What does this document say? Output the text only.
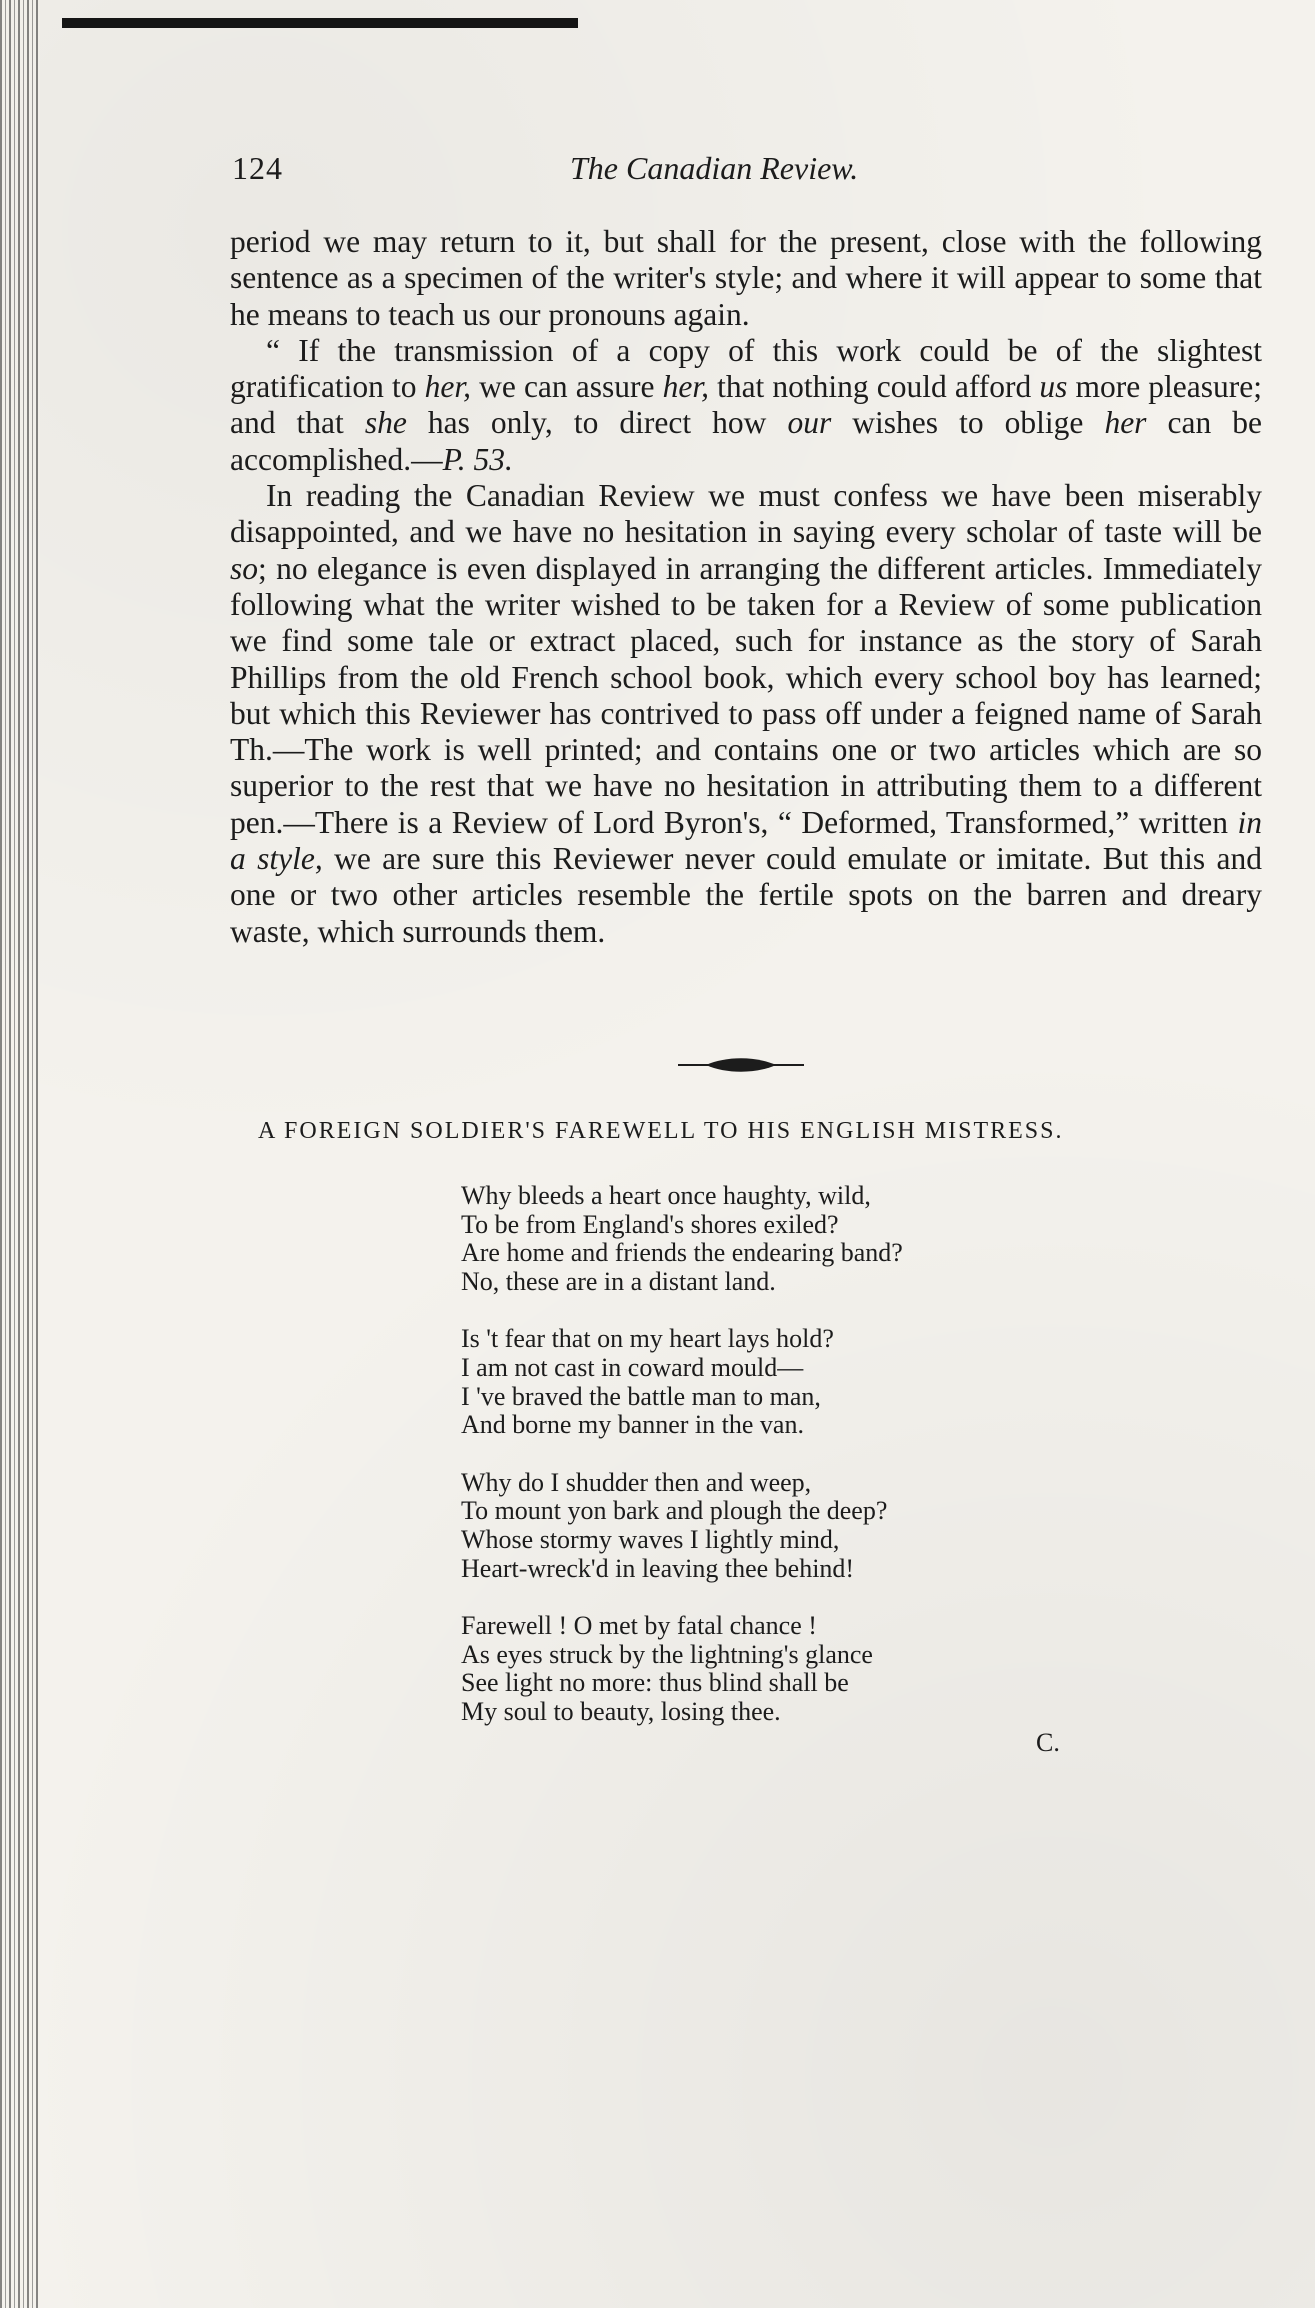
124	The Canadian Review.

period we may return to it, but shall for the present, close with the following sentence as a specimen of the writer's style; and where it will appear to some that he means to teach us our pronouns again.

“ If the transmission of a copy of this work could be of the slightest gratification to her, we can assure her, that nothing could afford us more pleasure; and that she has only, to direct how our wishes to oblige her can be accomplished.—P. 53.

In reading the Canadian Review we must confess we have been miserably disappointed, and we have no hesitation in saying every scholar of taste will be so; no elegance is even displayed in arranging the different articles. Immediately following what the writer wished to be taken for a Review of some publication we find some tale or extract placed, such for instance as the story of Sarah Phillips from the old French school book, which every school boy has learned; but which this Reviewer has contrived to pass off under a feigned name of Sarah Th.—The work is well printed; and contains one or two articles which are so superior to the rest that we have no hesitation in attributing them to a different pen.—There is a Review of Lord Byron's, “ Deformed, Transformed,” written in a style, we are sure this Reviewer never could emulate or imitate. But this and one or two other articles resemble the fertile spots on the barren and dreary waste, which surrounds them.

A FOREIGN SOLDIER'S FAREWELL TO HIS ENGLISH MISTRESS.
Why bleeds a heart once haughty, wild,
To be from England's shores exiled?
Are home and friends the endearing band?
No, these are in a distant land.
Is 't fear that on my heart lays hold?
I am not cast in coward mould—
I 've braved the battle man to man,
And borne my banner in the van.
Why do I shudder then and weep,
To mount yon bark and plough the deep?
Whose stormy waves I lightly mind,
Heart-wreck'd in leaving thee behind!
Farewell ! O met by fatal chance !
As eyes struck by the lightning's glance
See light no more: thus blind shall be
My soul to beauty, losing thee.
C.
